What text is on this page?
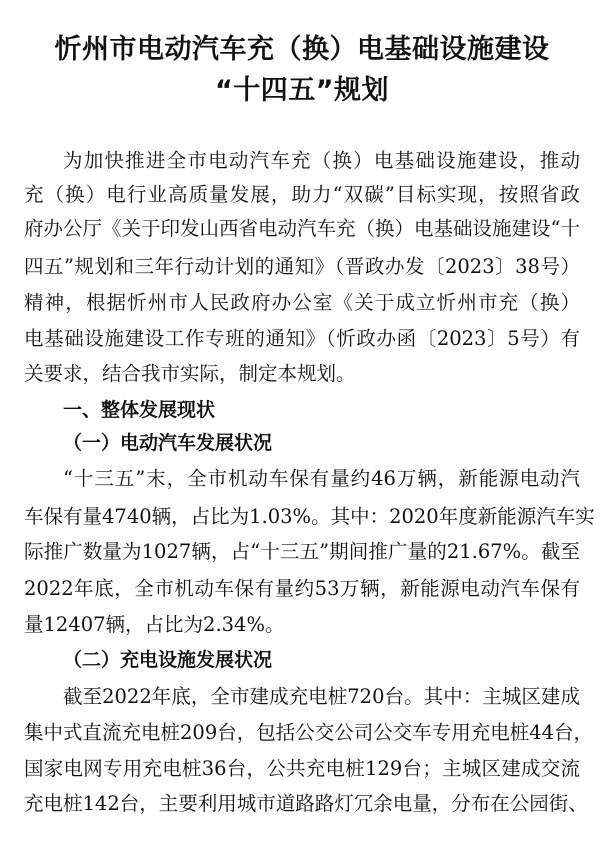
忻州市电动汽车充（换）电基础设施建设
“十四五”规划
为加快推进全市电动汽车充（换）电基础设施建设，推动
充（换）电行业高质量发展，助力“双碳”目标实现，按照省政
府办公厅《关于印发山西省电动汽车充（换）电基础设施建设“十
四五”规划和三年行动计划的通知》（晋政办发〔2023〕38号）
精神，根据忻州市人民政府办公室《关于成立忻州市充（换）
电基础设施建设工作专班的通知》（忻政办函〔2023〕5号）有
关要求，结合我市实际，制定本规划。
一、整体发展现状
（一）电动汽车发展状况
“十三五”末，全市机动车保有量约46万辆，新能源电动汽
车保有量4740辆，占比为1.03%。其中：2020年度新能源汽车实
际推广数量为1027辆，占“十三五”期间推广量的21.67%。截至
2022年底，全市机动车保有量约53万辆，新能源电动汽车保有
量12407辆，占比为2.34%。
（二）充电设施发展状况
截至2022年底，全市建成充电桩720台。其中：主城区建成
集中式直流充电桩209台，包括公交公司公交车专用充电桩44台，
国家电网专用充电桩36台，公共充电桩129台；主城区建成交流
充电桩142台，主要利用城市道路路灯冗余电量，分布在公园街、
